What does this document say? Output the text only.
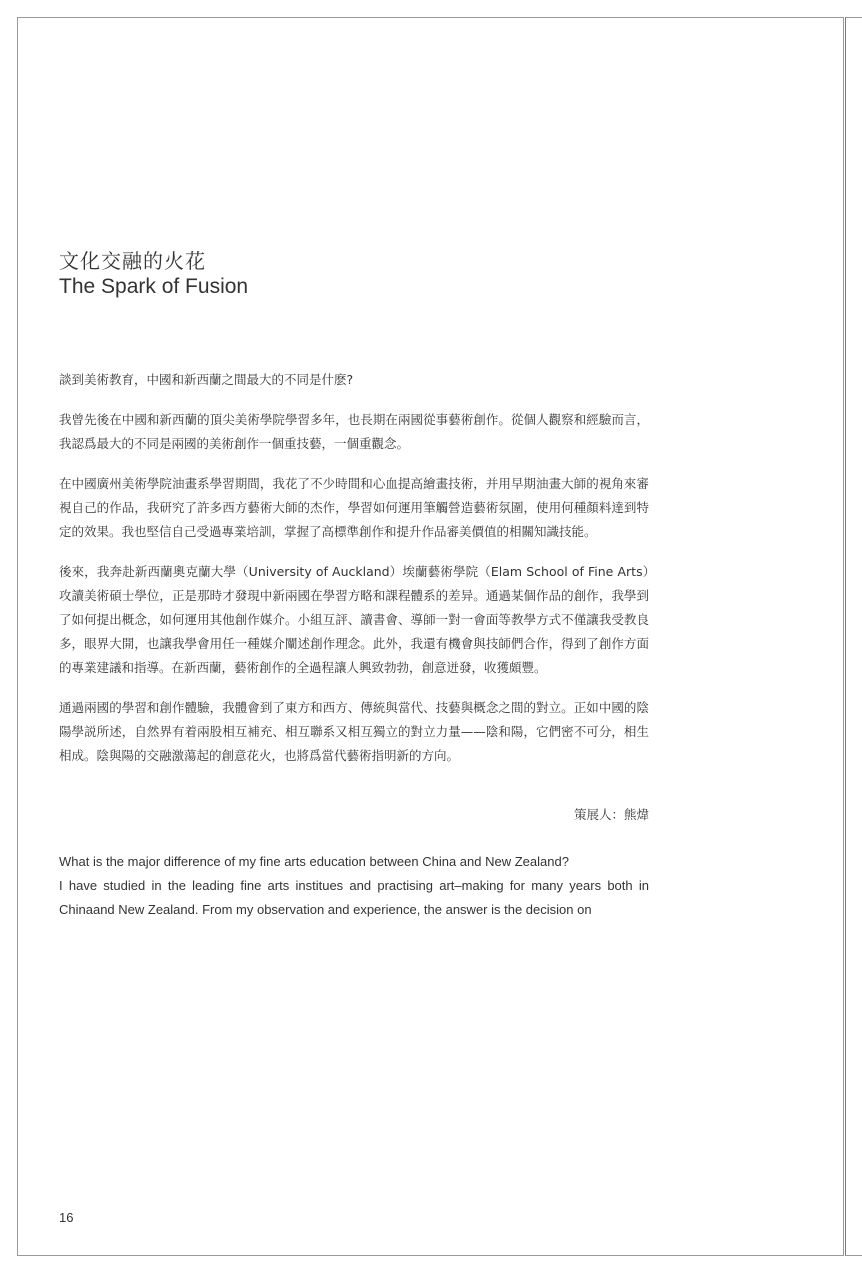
文化交融的火花
The Spark of Fusion

談到美術教育，中國和新西蘭之間最大的不同是什麽?

我曾先後在中國和新西蘭的頂尖美術學院學習多年，也長期在兩國從事藝術創作。從個人觀察和經驗而言，我認爲最大的不同是兩國的美術創作一個重技藝，一個重觀念。

在中國廣州美術學院油畫系學習期間，我花了不少時間和心血提高繪畫技術，并用早期油畫大師的視角來審視自己的作品，我研究了許多西方藝術大師的杰作，學習如何運用筆觸營造藝術氛圍，使用何種顏料達到特定的效果。我也堅信自己受過專業培訓，掌握了高標準創作和提升作品審美價值的相關知識技能。

後來，我奔赴新西蘭奧克蘭大學（University of Auckland）埃蘭藝術學院（Elam School of Fine Arts）攻讀美術碩士學位，正是那時才發現中新兩國在學習方略和課程體系的差异。通過某個作品的創作，我學到了如何提出概念，如何運用其他創作媒介。小組互評、讀書會、導師一對一會面等教學方式不僅讓我受教良多，眼界大開，也讓我學會用任一種媒介闡述創作理念。此外，我還有機會與技師們合作，得到了創作方面的專業建議和指導。在新西蘭，藝術創作的全過程讓人興致勃勃，創意迸發，收獲頗豐。

通過兩國的學習和創作體驗，我體會到了東方和西方、傳統與當代、技藝與概念之間的對立。正如中國的陰陽學説所述，自然界有着兩股相互補充、相互聯系又相互獨立的對立力量——陰和陽，它們密不可分，相生相成。陰與陽的交融激蕩起的創意花火，也將爲當代藝術指明新的方向。

策展人：熊煒

What is the major difference of my fine arts education between China and New Zealand?

I have studied in the leading fine arts institues and practising art–making for many years both in Chinaand New Zealand. From my observation and experience, the answer is the decision on

16
